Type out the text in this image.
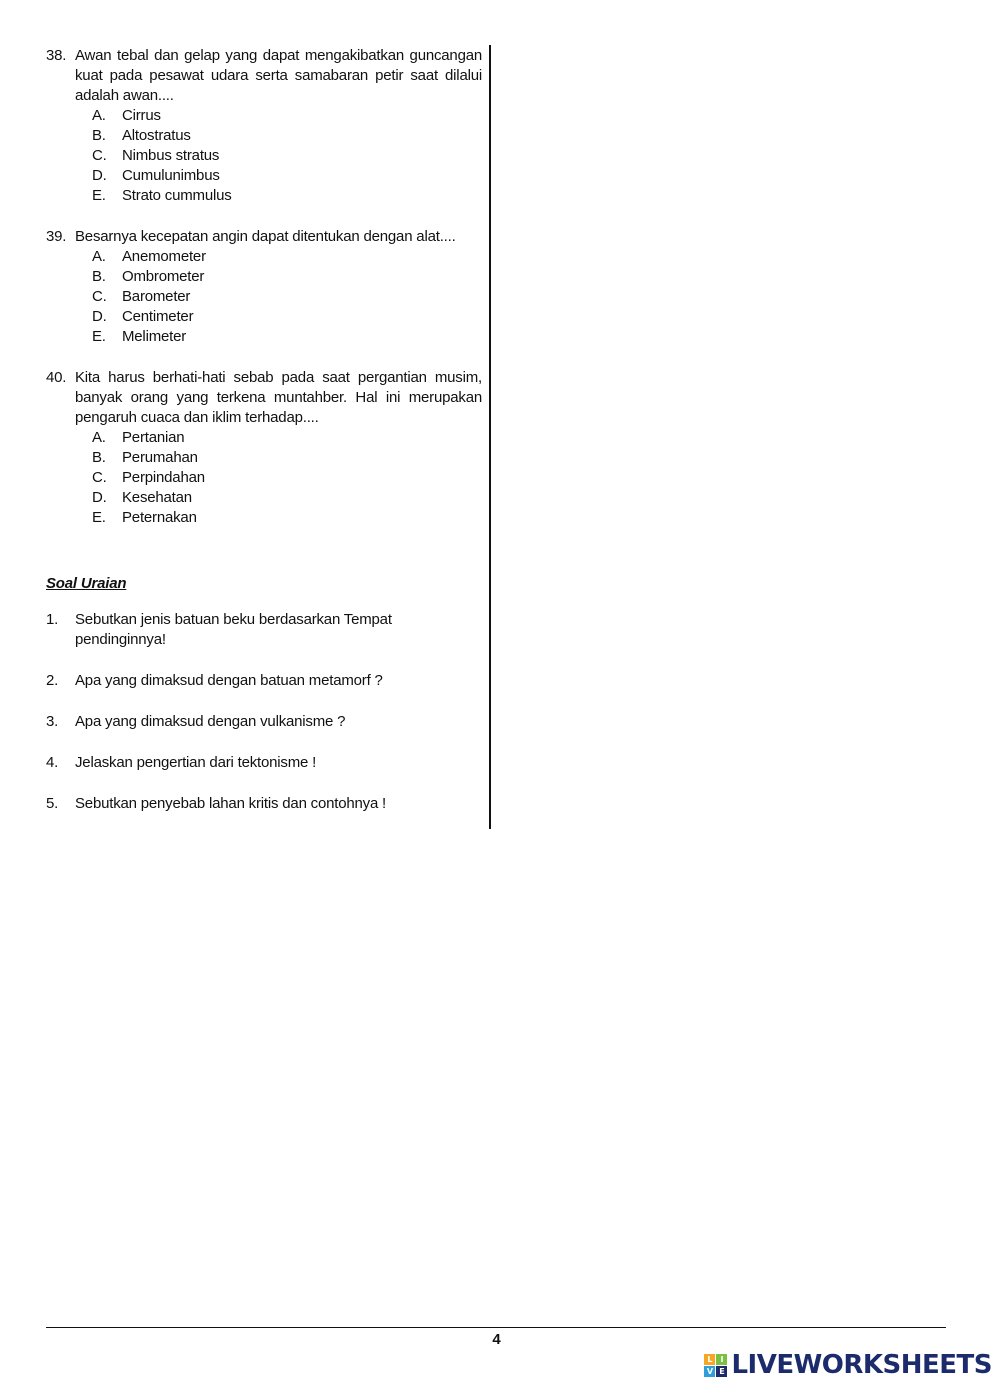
38. Awan tebal dan gelap yang dapat mengakibatkan guncangan kuat pada pesawat udara serta samabaran petir saat dilalui adalah awan....
A.	Cirrus
B.	Altostratus
C.	Nimbus stratus
D.	Cumulunimbus
E.	Strato cummulus
39. Besarnya kecepatan angin dapat ditentukan dengan alat....
A.	Anemometer
B.	Ombrometer
C.	Barometer
D.	Centimeter
E.	Melimeter
40. Kita harus berhati-hati sebab pada saat pergantian musim, banyak orang yang terkena muntahber. Hal ini merupakan pengaruh cuaca dan iklim terhadap....
A.	Pertanian
B.	Perumahan
C.	Perpindahan
D.	Kesehatan
E.	Peternakan
Soal Uraian
1.	Sebutkan jenis batuan beku berdasarkan Tempat pendinginnya!
2.	Apa yang dimaksud dengan batuan metamorf ?
3.	Apa yang dimaksud dengan vulkanisme ?
4.	Jelaskan pengertian dari tektonisme !
5.	Sebutkan penyebab lahan kritis dan contohnya !
4
L I
V E LIVEWORKSHEETS
